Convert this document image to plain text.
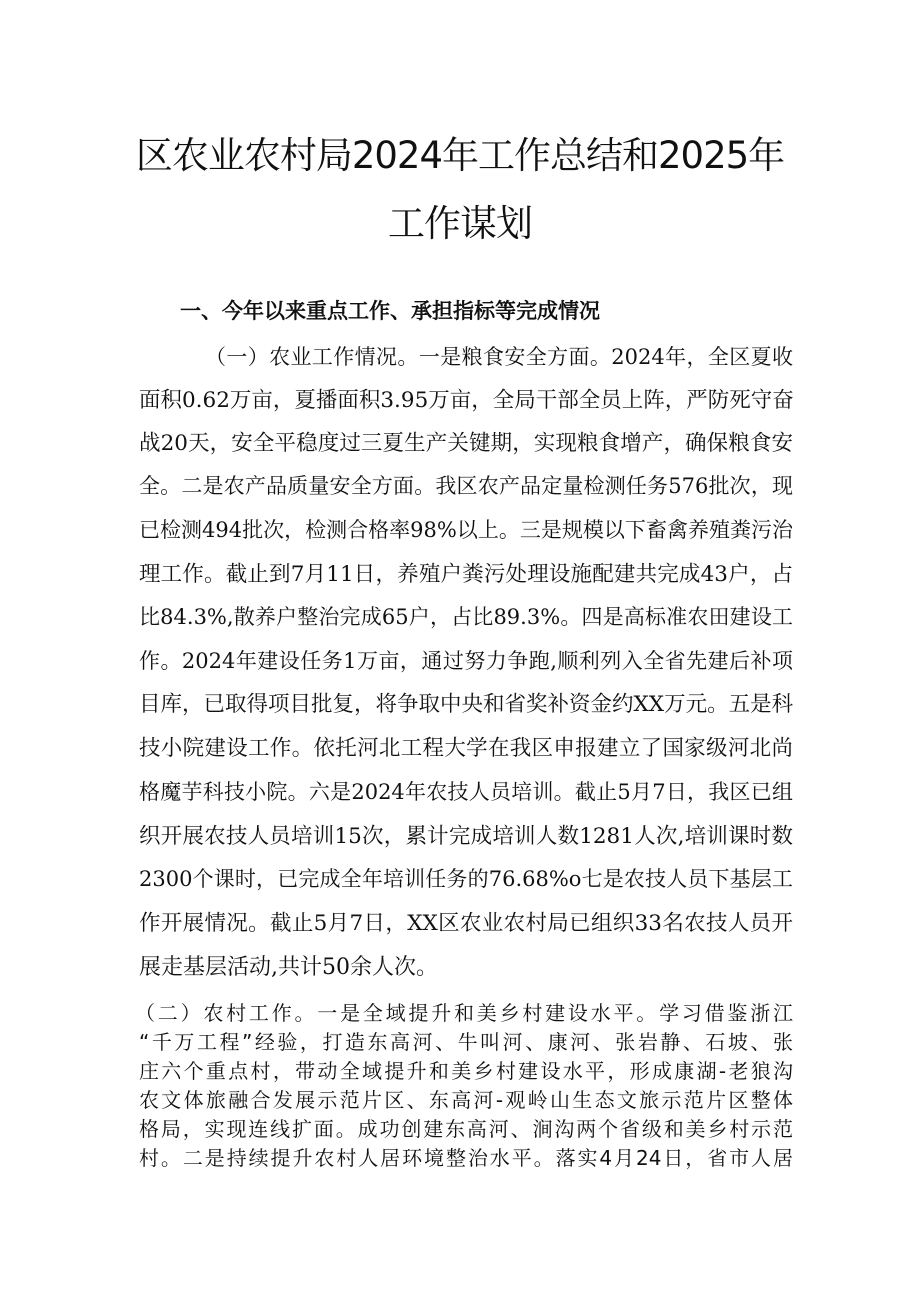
区农业农村局2024年工作总结和2025年
工作谋划
一、今年以来重点工作、承担指标等完成情况
（一）农业工作情况。一是粮食安全方面。2024年，全区夏收
面积0.62万亩，夏播面积3.95万亩，全局干部全员上阵，严防死守奋
战20天，安全平稳度过三夏生产关键期，实现粮食增产，确保粮食安
全。二是农产品质量安全方面。我区农产品定量检测任务576批次，现
已检测494批次，检测合格率98%以上。三是规模以下畜禽养殖粪污治
理工作。截止到7月11日，养殖户粪污处理设施配建共完成43户，占
比84.3%,散养户整治完成65户，占比89.3%。四是高标准农田建设工
作。2024年建设任务1万亩，通过努力争跑,顺利列入全省先建后补项
目库，已取得项目批复，将争取中央和省奖补资金约XX万元。五是科
技小院建设工作。依托河北工程大学在我区申报建立了国家级河北尚
格魔芋科技小院。六是2024年农技人员培训。截止5月7日，我区已组
织开展农技人员培训15次，累计完成培训人数1281人次,培训课时数
2300个课时，已完成全年培训任务的76.68%o七是农技人员下基层工
作开展情况。截止5月7日，XX区农业农村局已组织33名农技人员开
展走基层活动,共计50余人次。
（二）农村工作。一是全域提升和美乡村建设水平。学习借鉴浙江
“千万工程”经验，打造东高河、牛叫河、康河、张岩静、石坡、张
庄六个重点村，带动全域提升和美乡村建设水平，形成康湖-老狼沟
农文体旅融合发展示范片区、东高河-观岭山生态文旅示范片区整体
格局，实现连线扩面。成功创建东高河、涧沟两个省级和美乡村示范
村。二是持续提升农村人居环境整治水平。落实4月24日，省市人居
